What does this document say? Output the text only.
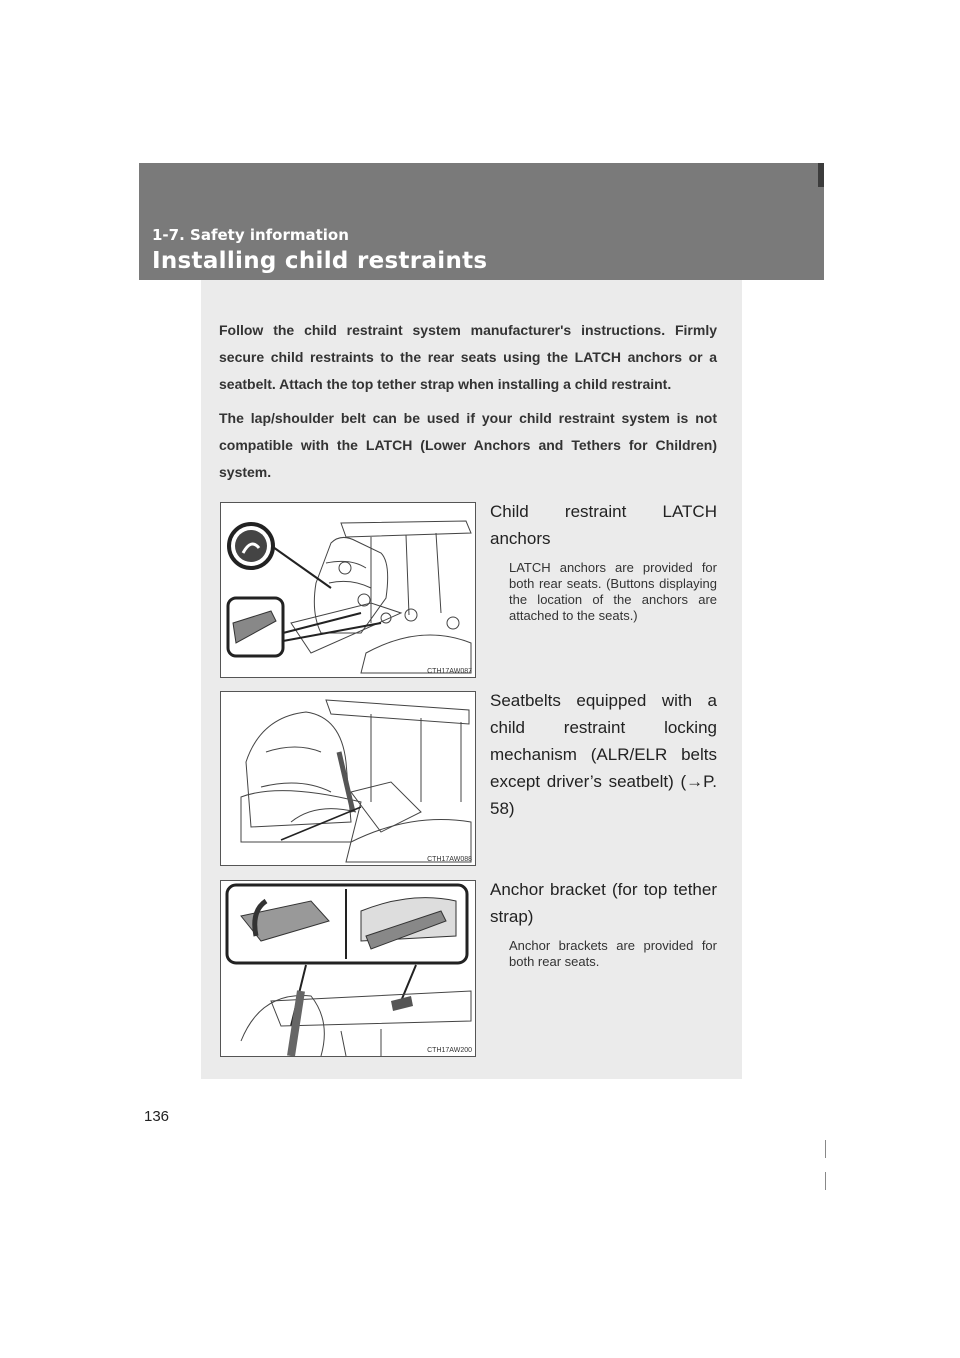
1-7. Safety information
Installing child restraints

Follow the child restraint system manufacturer's instructions. Firmly secure child restraints to the rear seats using the LATCH anchors or a seatbelt. Attach the top tether strap when installing a child restraint.

The lap/shoulder belt can be used if your child restraint system is not compatible with the LATCH (Lower Anchors and Tethers for Children) system.

CTH17AW087
Child restraint LATCH anchors
LATCH anchors are provided for both rear seats. (Buttons displaying the location of the anchors are attached to the seats.)
CTH17AW088
Seatbelts equipped with a child restraint locking mechanism (ALR/ELR belts except driver’s seatbelt) (→P. 58)
CTH17AW200
Anchor bracket (for top tether strap)
Anchor brackets are provided for both rear seats.
136
